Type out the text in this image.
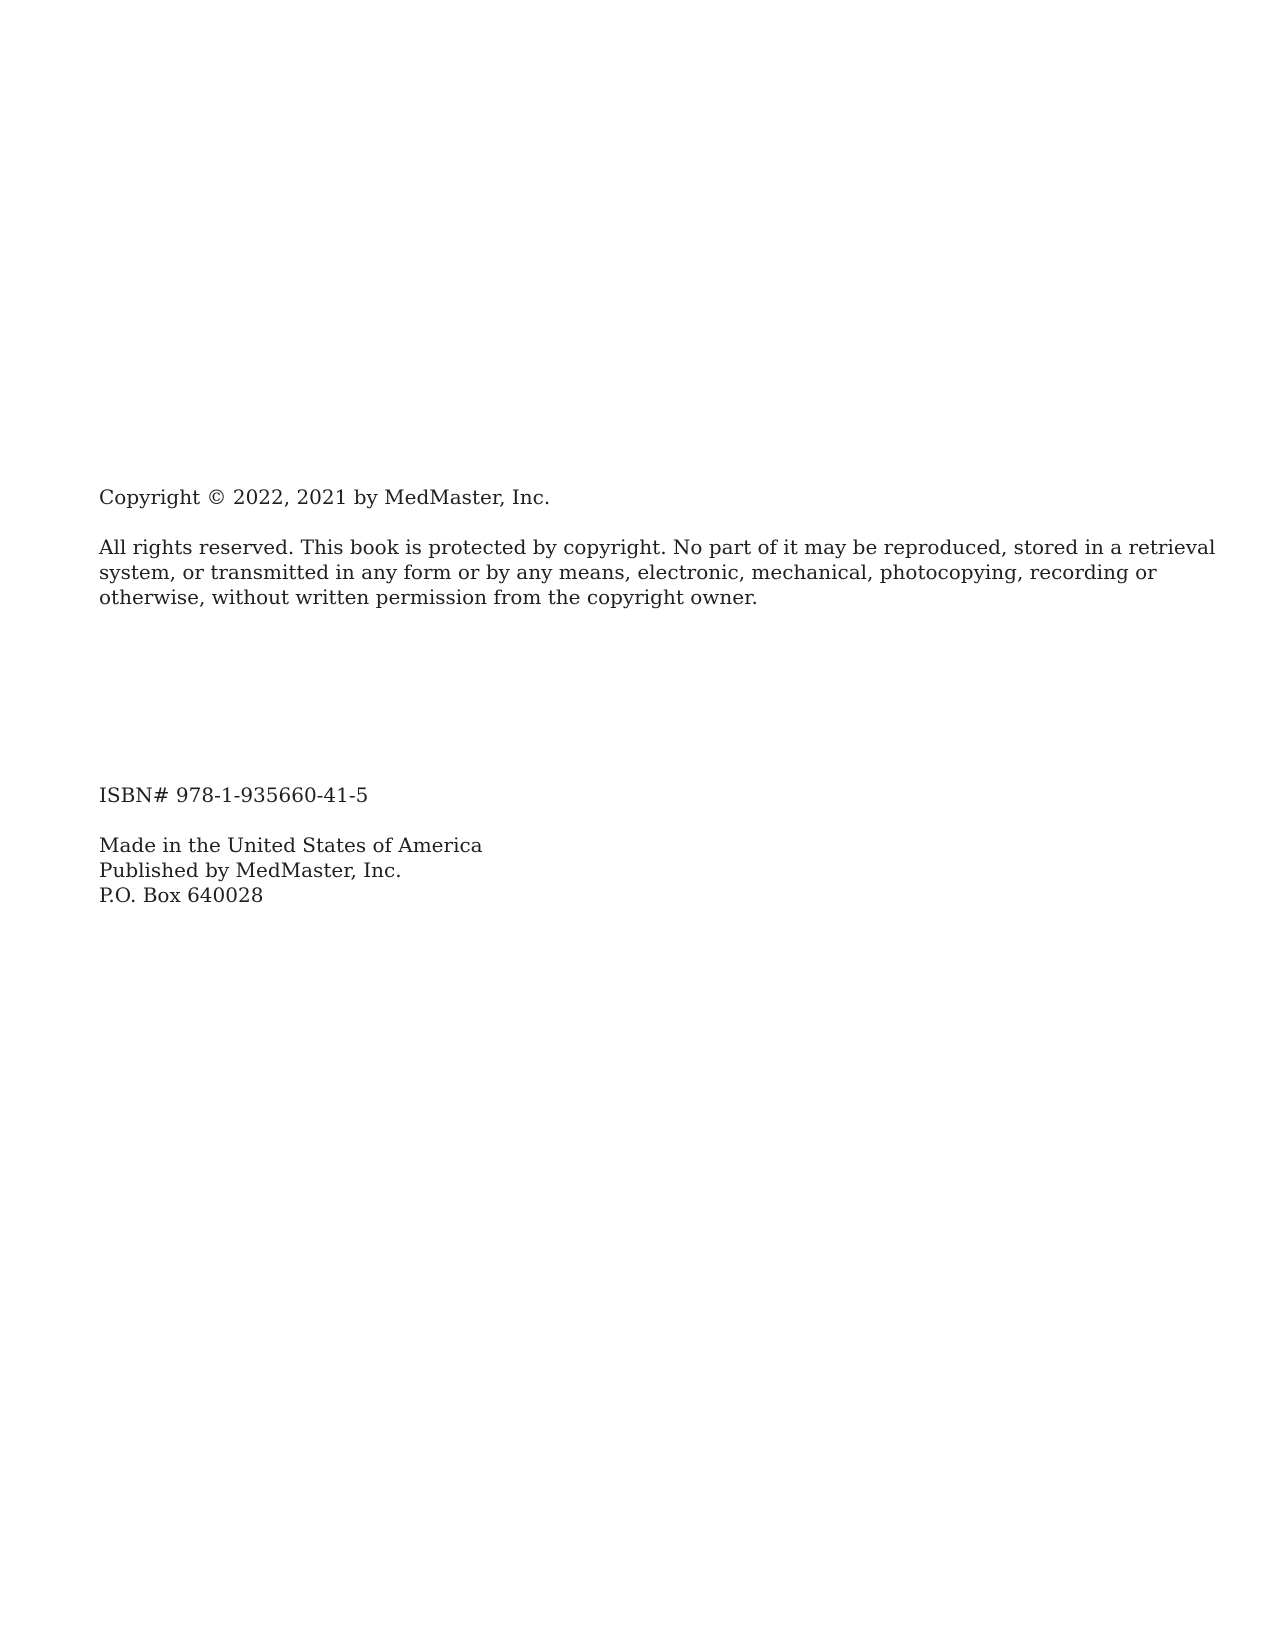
Copyright © 2022, 2021 by MedMaster, Inc.

All rights reserved. This book is protected by copyright. No part of it may be reproduced, stored in a retrieval
system, or transmitted in any form or by any means, electronic, mechanical, photocopying, recording or
otherwise, without written permission from the copyright owner.

ISBN# 978-1-935660-41-5

Made in the United States of America

Published by MedMaster, Inc.

P.O. Box 640028
